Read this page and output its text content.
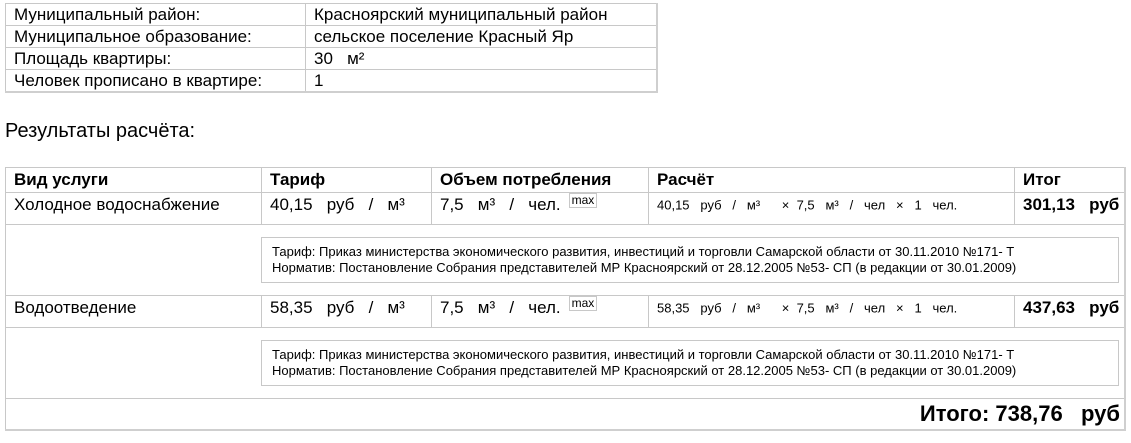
Муниципальный район:	Красноярский муниципальный район
Муниципальное образование:	сельское поселение Красный Яр
Площадь квартиры:	30   м²
Человек прописано в квартире:	1
Результаты расчёта:
Вид услуги	Тариф	Объем потребления	Расчёт	Итог
Холодное водоснабжение	40,15   руб   /   м³	7,5   м³   /   чел. max	40,15   руб   /   м³      ×  7,5   м³   /   чел   ×   1   чел.	301,13   руб

Тариф: Приказ министерства экономического развития, инвестиций и торговли Самарской области от 30.11.2010 №171- Т
Норматив: Постановление Собрания представителей МР Красноярский от 28.12.2005 №53- СП (в редакции от 30.01.2009)				

Водоотведение	58,35   руб   /   м³	7,5   м³   /   чел. max	58,35   руб   /   м³      ×  7,5   м³   /   чел   ×   1   чел.	437,63   руб

Тариф: Приказ министерства экономического развития, инвестиций и торговли Самарской области от 30.11.2010 №171- Т
Норматив: Постановление Собрания представителей МР Красноярский от 28.12.2005 №53- СП (в редакции от 30.01.2009)				

Итого: 738,76   руб				
